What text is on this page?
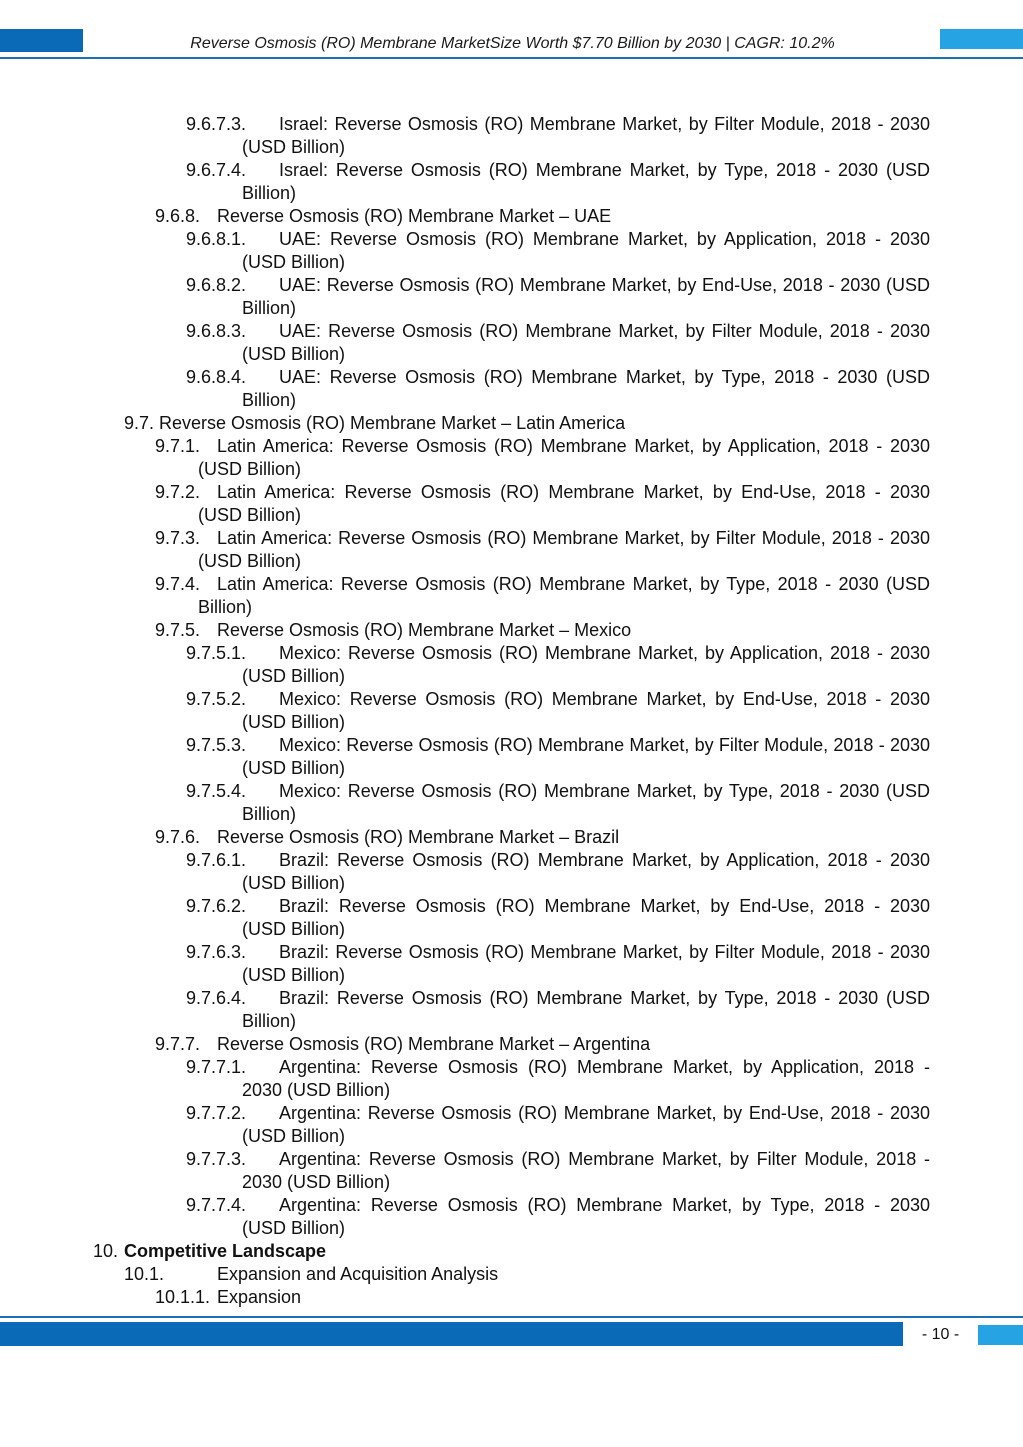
Reverse Osmosis (RO) Membrane MarketSize Worth $7.70 Billion by 2030 | CAGR: 10.2%
9.6.7.3.	Israel: Reverse Osmosis (RO) Membrane Market, by Filter Module, 2018 - 2030 (USD Billion)
9.6.7.4.	Israel: Reverse Osmosis (RO) Membrane Market, by Type, 2018 - 2030 (USD Billion)
9.6.8. Reverse Osmosis (RO) Membrane Market – UAE
9.6.8.1.	UAE: Reverse Osmosis (RO) Membrane Market, by Application, 2018 - 2030 (USD Billion)
9.6.8.2.	UAE: Reverse Osmosis (RO) Membrane Market, by End-Use, 2018 - 2030 (USD Billion)
9.6.8.3.	UAE: Reverse Osmosis (RO) Membrane Market, by Filter Module, 2018 - 2030 (USD Billion)
9.6.8.4.	UAE: Reverse Osmosis (RO) Membrane Market, by Type, 2018 - 2030 (USD Billion)
9.7. Reverse Osmosis (RO) Membrane Market – Latin America
9.7.1. Latin America: Reverse Osmosis (RO) Membrane Market, by Application, 2018 - 2030 (USD Billion)
9.7.2. Latin America: Reverse Osmosis (RO) Membrane Market, by End-Use, 2018 - 2030 (USD Billion)
9.7.3. Latin America: Reverse Osmosis (RO) Membrane Market, by Filter Module, 2018 - 2030 (USD Billion)
9.7.4. Latin America: Reverse Osmosis (RO) Membrane Market, by Type, 2018 - 2030 (USD Billion)
9.7.5. Reverse Osmosis (RO) Membrane Market – Mexico
9.7.5.1.	Mexico: Reverse Osmosis (RO) Membrane Market, by Application, 2018 - 2030 (USD Billion)
9.7.5.2.	Mexico: Reverse Osmosis (RO) Membrane Market, by End-Use, 2018 - 2030 (USD Billion)
9.7.5.3.	Mexico: Reverse Osmosis (RO) Membrane Market, by Filter Module, 2018 - 2030 (USD Billion)
9.7.5.4.	Mexico: Reverse Osmosis (RO) Membrane Market, by Type, 2018 - 2030 (USD Billion)
9.7.6. Reverse Osmosis (RO) Membrane Market – Brazil
9.7.6.1.	Brazil: Reverse Osmosis (RO) Membrane Market, by Application, 2018 - 2030 (USD Billion)
9.7.6.2.	Brazil: Reverse Osmosis (RO) Membrane Market, by End-Use, 2018 - 2030 (USD Billion)
9.7.6.3.	Brazil: Reverse Osmosis (RO) Membrane Market, by Filter Module, 2018 - 2030 (USD Billion)
9.7.6.4.	Brazil: Reverse Osmosis (RO) Membrane Market, by Type, 2018 - 2030 (USD Billion)
9.7.7. Reverse Osmosis (RO) Membrane Market – Argentina
9.7.7.1.	Argentina: Reverse Osmosis (RO) Membrane Market, by Application, 2018 - 2030 (USD Billion)
9.7.7.2.	Argentina: Reverse Osmosis (RO) Membrane Market, by End-Use, 2018 - 2030 (USD Billion)
9.7.7.3.	Argentina: Reverse Osmosis (RO) Membrane Market, by Filter Module, 2018 - 2030 (USD Billion)
9.7.7.4.	Argentina: Reverse Osmosis (RO) Membrane Market, by Type, 2018 - 2030 (USD Billion)
10. Competitive Landscape
10.1.	Expansion and Acquisition Analysis
10.1.1. Expansion
- 10 -
